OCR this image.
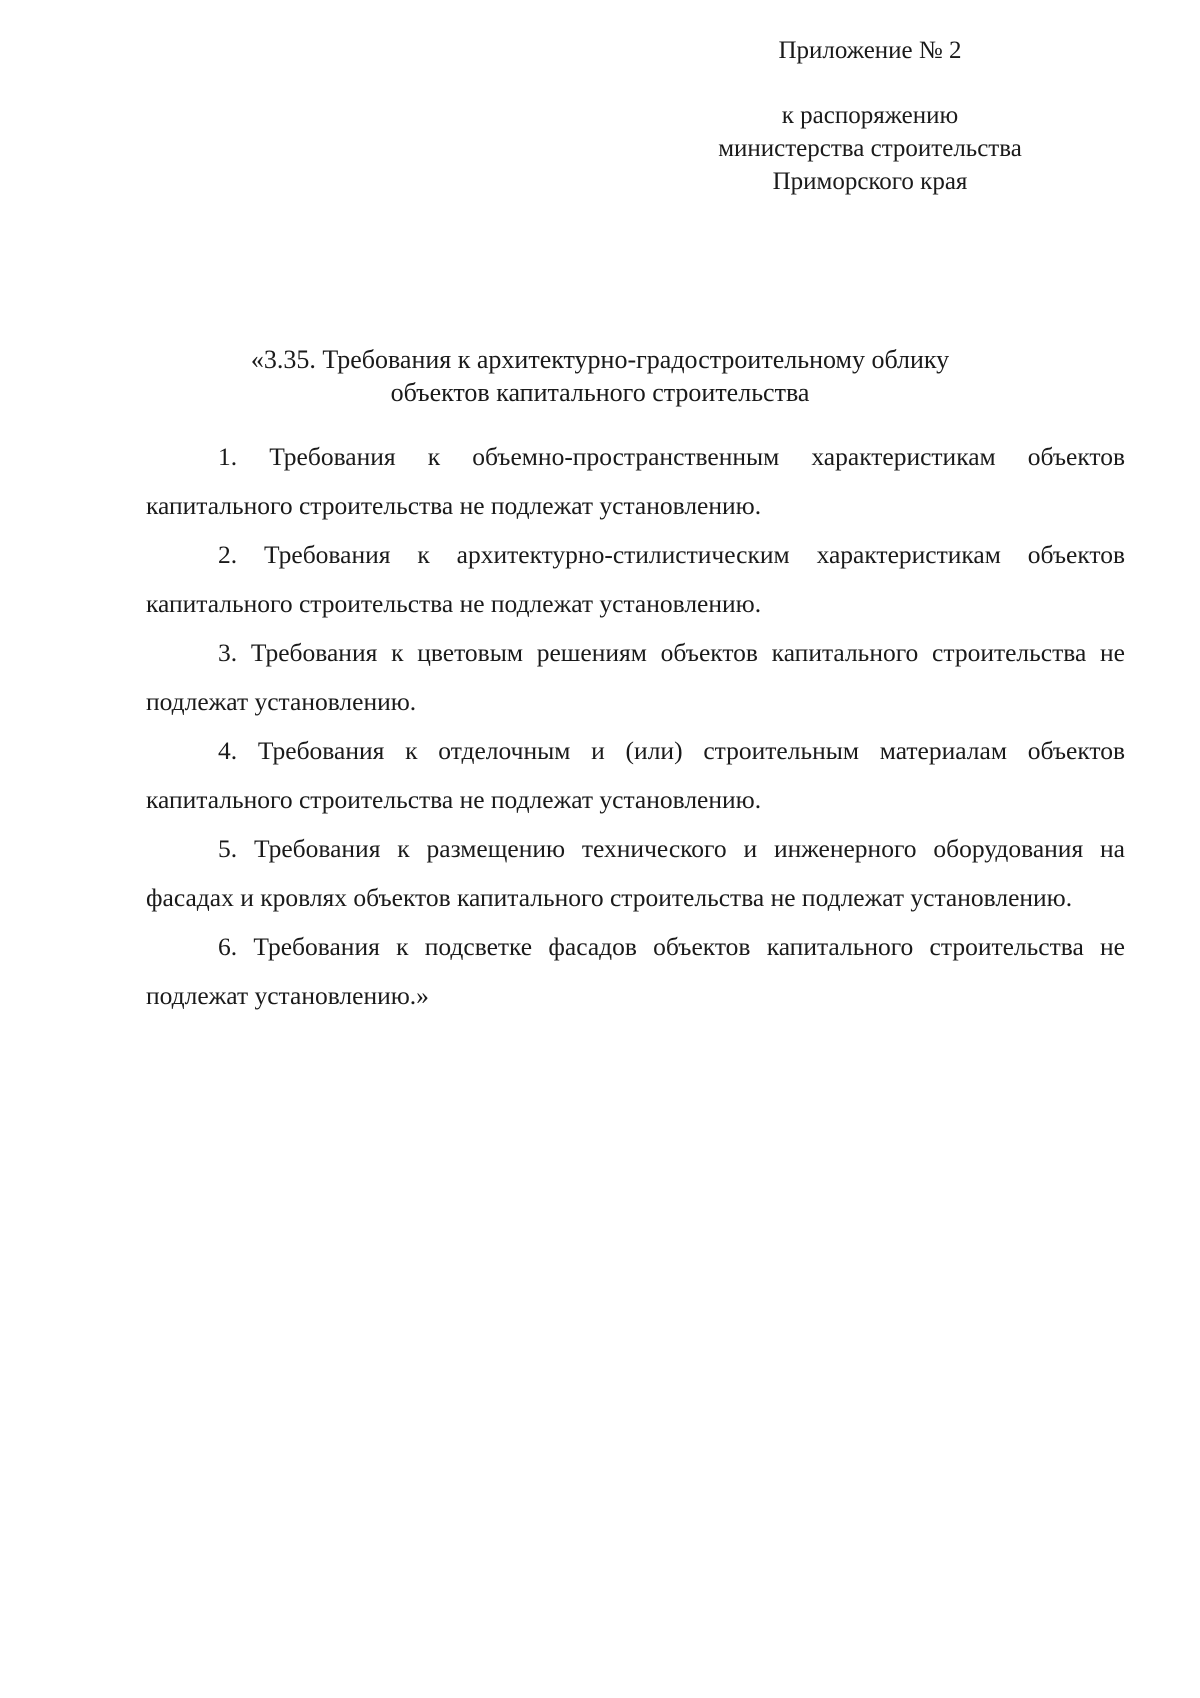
Приложение № 2
к распоряжению
министерства строительства
Приморского края
«3.35. Требования к архитектурно-градостроительному облику
объектов капитального строительства

1. Требования к объемно-пространственным характеристикам объектов капитального строительства не подлежат установлению.

2. Требования к архитектурно-стилистическим характеристикам объектов капитального строительства не подлежат установлению.

3. Требования к цветовым решениям объектов капитального строительства не подлежат установлению.

4. Требования к отделочным и (или) строительным материалам объектов капитального строительства не подлежат установлению.

5. Требования к размещению технического и инженерного оборудования на фасадах и кровлях объектов капитального строительства не подлежат установлению.

6. Требования к подсветке фасадов объектов капитального строительства не подлежат установлению.»
